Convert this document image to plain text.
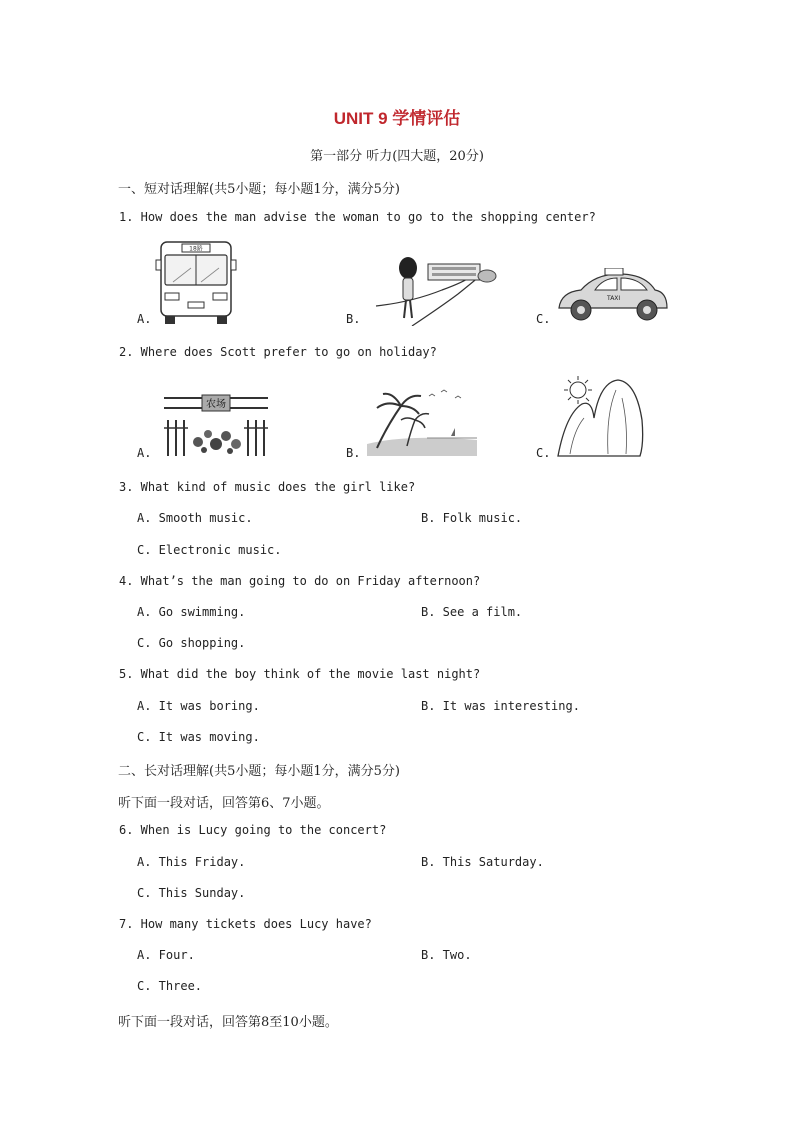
UNIT 9 学情评估
第一部分 听力(四大题，20分)
一、短对话理解(共5小题；每小题1分，满分5分)
1. How does the man advise the woman to go to the shopping center?
18路
A.	B.
TAXI
C.
2. Where does Scott prefer to go on holiday?
农场
A.	B.	C.
3. What kind of music does the girl like?
A. Smooth music.	B. Folk music.
C. Electronic music.
4. What’s the man going to do on Friday afternoon?
A. Go swimming.	B. See a film.
C. Go shopping.
5. What did the boy think of the movie last night?
A. It was boring.	B. It was interesting.
C. It was moving.
二、长对话理解(共5小题；每小题1分，满分5分)
听下面一段对话，回答第6、7小题。
6. When is Lucy going to the concert?
A. This Friday.	B. This Saturday.
C. This Sunday.
7. How many tickets does Lucy have?
A. Four.	B. Two.
C. Three.
听下面一段对话，回答第8至10小题。
